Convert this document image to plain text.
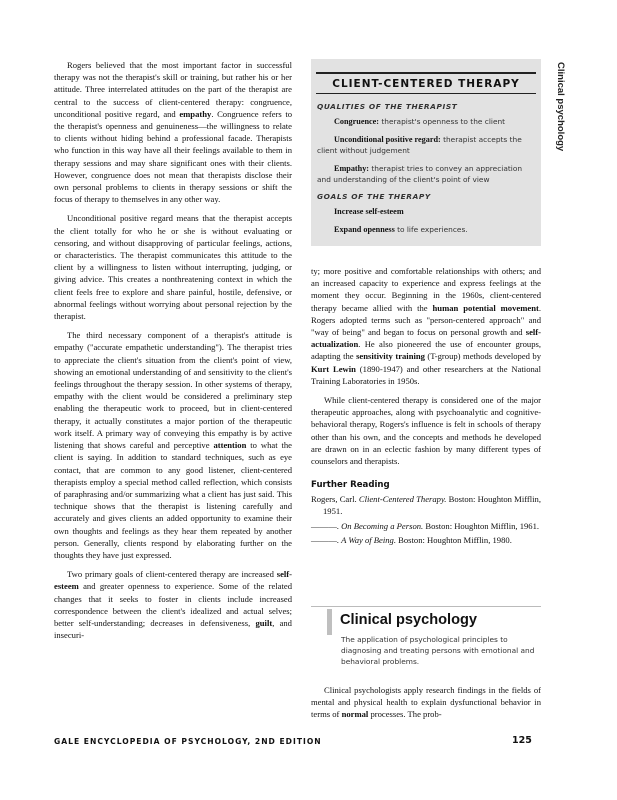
Rogers believed that the most important factor in successful therapy was not the therapist's skill or training, but rather his or her attitude. Three interrelated attitudes on the part of the therapist are central to the success of client-centered therapy: congruence, unconditional positive regard, and empathy. Congruence refers to the therapist's openness and genuineness—the willingness to relate to clients without hiding behind a professional facade. Therapists who function in this way have all their feelings available to them in therapy sessions and may share significant ones with their clients. However, congruence does not mean that therapists disclose their own personal problems to clients in therapy sessions or shift the focus of therapy to themselves in any other way.

Unconditional positive regard means that the therapist accepts the client totally for who he or she is without evaluating or censoring, and without disapproving of particular feelings, actions, or characteristics. The therapist communicates this attitude to the client by a willingness to listen without interrupting, judging, or giving advice. This creates a nonthreatening context in which the client feels free to explore and share painful, hostile, defensive, or abnormal feelings without worrying about personal rejection by the therapist.

The third necessary component of a therapist's attitude is empathy ("accurate empathetic understanding"). The therapist tries to appreciate the client's situation from the client's point of view, showing an emotional understanding of and sensitivity to the client's feelings throughout the therapy session. In other systems of therapy, empathy with the client would be considered a preliminary step enabling the therapeutic work to proceed, but in client-centered therapy, it actually constitutes a major portion of the therapeutic work itself. A primary way of conveying this empathy is by active listening that shows careful and perceptive attention to what the client is saying. In addition to standard techniques, such as eye contact, that are common to any good listener, client-centered therapists employ a special method called reflection, which consists of paraphrasing and/or summarizing what a client has just said. This technique shows that the therapist is listening carefully and accurately and gives clients an added opportunity to examine their own thoughts and feelings as they hear them repeated by another person. Generally, clients respond by elaborating further on the thoughts they have just expressed.

Two primary goals of client-centered therapy are increased self-esteem and greater openness to experience. Some of the related changes that it seeks to foster in clients include increased correspondence between the client's idealized and actual selves; better self-understanding; decreases in defensiveness, guilt, and insecuri-

CLIENT-CENTERED THERAPY
QUALITIES OF THE THERAPIST
Congruence: therapist's openness to the client
Unconditional positive regard: therapist accepts the client without judgement
Empathy: therapist tries to convey an appreciation and understanding of the client's point of view
GOALS OF THE THERAPY
Increase self-esteem
Expand openness to life experiences.
Clinical psychology

ty; more positive and comfortable relationships with others; and an increased capacity to experience and express feelings at the moment they occur. Beginning in the 1960s, client-centered therapy became allied with the human potential movement. Rogers adopted terms such as "person-centered approach" and "way of being" and began to focus on personal growth and self-actualization. He also pioneered the use of encounter groups, adapting the sensitivity training (T-group) methods developed by Kurt Lewin (1890-1947) and other researchers at the National Training Laboratories in 1950s.

While client-centered therapy is considered one of the major therapeutic approaches, along with psychoanalytic and cognitive-behavioral therapy, Rogers's influence is felt in schools of therapy other than his own, and the concepts and methods he developed are drawn on in an eclectic fashion by many different types of counselors and therapists.

Further Reading
Rogers, Carl. Client-Centered Therapy. Boston: Houghton Mifflin, 1951.
———. On Becoming a Person. Boston: Houghton Mifflin, 1961.
———. A Way of Being. Boston: Houghton Mifflin, 1980.
Clinical psychology
The application of psychological principles to diagnosing and treating persons with emotional and behavioral problems.

Clinical psychologists apply research findings in the fields of mental and physical health to explain dysfunctional behavior in terms of normal processes. The prob-

GALE ENCYCLOPEDIA OF PSYCHOLOGY, 2ND EDITION	125
